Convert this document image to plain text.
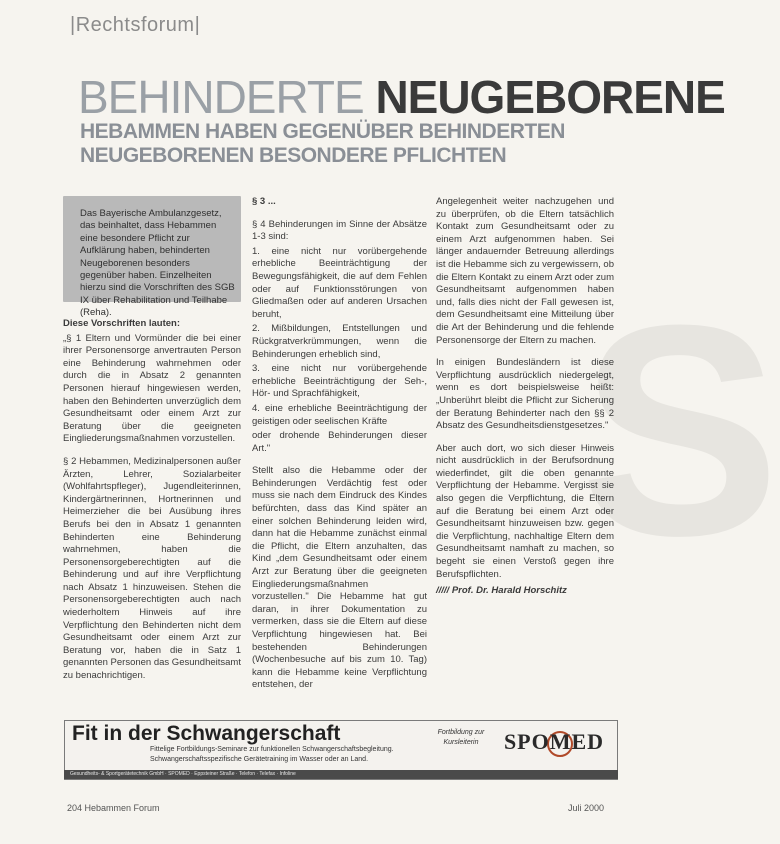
|Rechtsforum|
BEHINDERTE NEUGEBORENE
HEBAMMEN HABEN GEGENÜBER BEHINDERTEN
NEUGEBORENEN BESONDERE PFLICHTEN
Das Bayerische Ambulanzgesetz, das beinhaltet, dass Hebammen eine besondere Pflicht zur Aufklärung haben, behinderten Neugeborenen besonders gegenüber haben. Einzelheiten hierzu sind die Vorschriften des SGB IX über Rehabilitation und Teilhabe (Reha).
Diese Vorschriften lauten:

„§ 1 Eltern und Vormünder die bei einer ihrer Personensorge anvertrauten Person eine Behinderung wahrnehmen oder durch die in Absatz 2 genannten Personen hierauf hingewiesen werden, haben den Behinderten unverzüglich dem Gesundheitsamt oder einem Arzt zur Beratung über die geeigneten Eingliederungsmaßnahmen vorzustellen.

§ 2 Hebammen, Medizinalpersonen außer Ärzten, Lehrer, Sozialarbeiter (Wohlfahrtspfleger), Jugendleiterinnen, Kindergärtnerinnen, Hortnerinnen und Heimerzieher die bei Ausübung ihres Berufs bei den in Absatz 1 genannten Behinderten eine Behinderung wahrnehmen, haben die Personensorgeberechtigten auf die Behinderung und auf ihre Verpflichtung nach Absatz 1 hinzuweisen. Stehen die Personensorgeberechtigten auch nach wiederholtem Hinweis auf ihre Verpflichtung den Behinderten nicht dem Gesundheitsamt oder einem Arzt zur Beratung vor, haben die in Satz 1 genannten Personen das Gesundheitsamt zu benachrichtigen.

§ 3 ...

§ 4 Behinderungen im Sinne der Absätze 1-3 sind:

1. eine nicht nur vorübergehende erhebliche Beeinträchtigung der Bewegungsfähigkeit, die auf dem Fehlen oder auf Funktionsstörungen von Gliedmaßen oder auf anderen Ursachen beruht,

2. Mißbildungen, Entstellungen und Rückgratverkrümmungen, wenn die Behinderungen erheblich sind,

3. eine nicht nur vorübergehende erhebliche Beeinträchtigung der Seh-, Hör- und Sprachfähigkeit,

4. eine erhebliche Beeinträchtigung der geistigen oder seelischen Kräfte

oder drohende Behinderungen dieser Art."

Stellt also die Hebamme oder der Behinderungen Verdächtig fest oder muss sie nach dem Eindruck des Kindes befürchten, dass das Kind später an einer solchen Behinderung leiden wird, dann hat die Hebamme zunächst einmal die Pflicht, die Eltern anzuhalten, das Kind „dem Gesundheitsamt oder einem Arzt zur Beratung über die geeigneten Eingliederungsmaßnahmen vorzustellen." Die Hebamme hat gut daran, in ihrer Dokumentation zu vermerken, dass sie die Eltern auf diese Verpflichtung hingewiesen hat. Bei bestehenden Behinderungen (Wochenbesuche auf bis zum 10. Tag) kann die Hebamme keine Verpflichtung entstehen, der

Angelegenheit weiter nachzugehen und zu überprüfen, ob die Eltern tatsächlich Kontakt zum Gesundheitsamt oder zu einem Arzt aufgenommen haben. Sei länger andauernder Betreuung allerdings ist die Hebamme sich zu vergewissern, ob die Eltern Kontakt zu einem Arzt oder zum Gesundheitsamt aufgenommen haben und, falls dies nicht der Fall gewesen ist, dem Gesundheitsamt eine Mitteilung über die Art der Behinderung und die fehlende Personensorge der Eltern zu machen.

In einigen Bundesländern ist diese Verpflichtung ausdrücklich niedergelegt, wenn es dort beispielsweise heißt: „Unberührt bleibt die Pflicht zur Sicherung der Beratung Behinderter nach den §§ 2 Absatz des Gesundheitsdienstgesetzes."

Aber auch dort, wo sich dieser Hinweis nicht ausdrücklich in der Berufsordnung wiederfindet, gilt die oben genannte Verpflichtung der Hebamme. Vergisst sie also gegen die Verpflichtung, die Eltern auf die Beratung bei einem Arzt oder Gesundheitsamt hinzuweisen bzw. gegen die Verpflichtung, nachhaltige Eltern dem Gesundheitsamt namhaft zu machen, so begeht sie einen Verstoß gegen ihre Berufspflichten.

///// Prof. Dr. Harald Horschitz S
Fit in der Schwangerschaft
Fittelige Fortbildungs-Seminare zur funktionellen Schwangerschaftsbegleitung.
Schwangerschaftsspezifische Gerätetraining im Wasser oder an Land.
Fortbildung zur Kursleiterin	SPOMED
Gesundheits- & Sportgerätetechnik GmbH · SPOMED · Eppsteiner Straße · Telefon · Telefax · Infoline
204 Hebammen Forum	Juli 2000
